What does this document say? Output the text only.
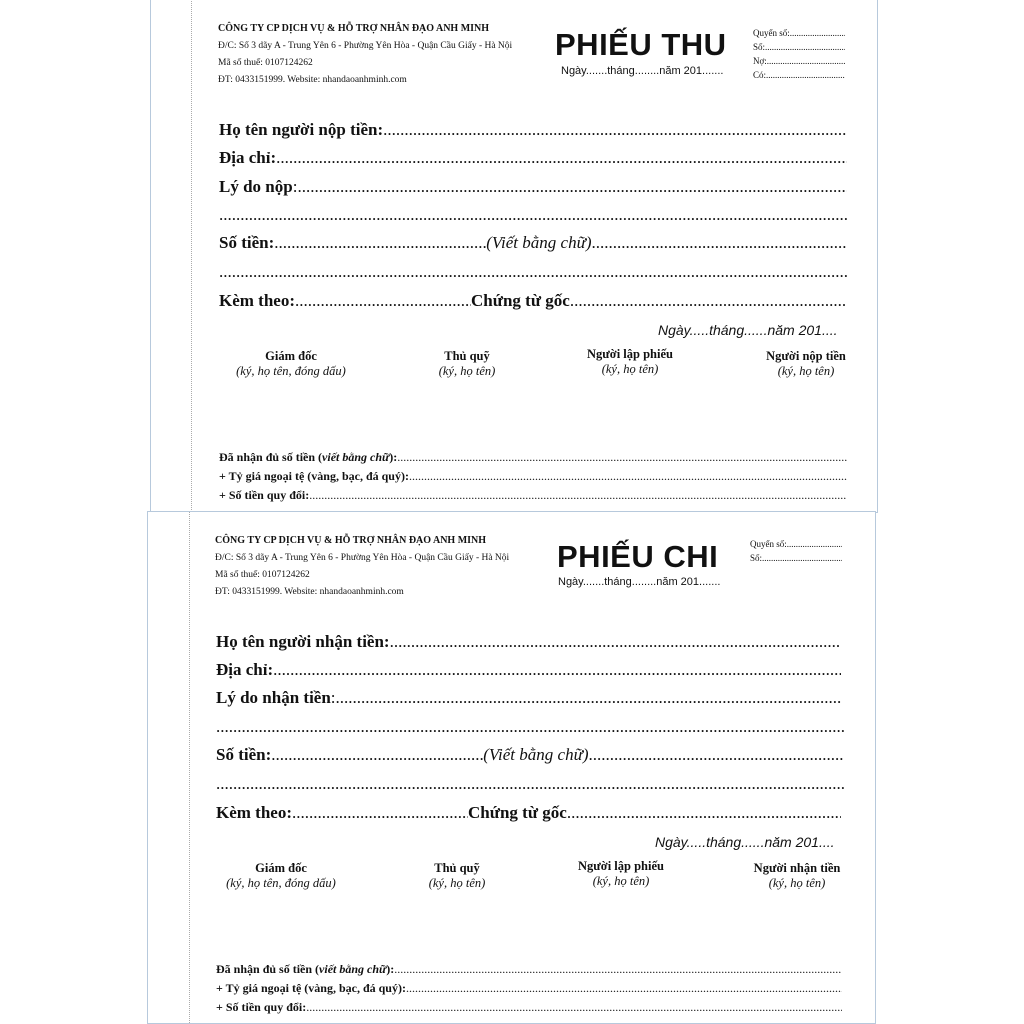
CÔNG TY CP DỊCH VỤ & HỖ TRỢ NHÂN ĐẠO ANH MINH
Đ/C: Số 3 dãy A - Trung Yên 6 - Phường Yên Hòa - Quận Cầu Giấy - Hà Nội
Mã số thuế: 0107124262
ĐT: 0433151999. Website: nhandaoanhminh.com
PHIẾU THU
Ngày.......tháng........năm 201.......
Quyển số:
.....
Số:
.....
Nợ:
.....
Có:
.....
Họ tên người nộp tiền:
.....
Địa chỉ:
.....
Lý do nộp :
.....
.....
Số tiền: .....	(Viết bằng chữ)
.....
.....
Kèm theo: .....	Chứng từ gốc
.....
Ngày.....tháng......năm 201....
Giám đốc
(ký, họ tên, đóng dấu)
Thủ quỹ
(ký, họ tên)
Người lập phiếu
(ký, họ tên)
Người nộp tiền
(ký, họ tên)
Đã nhận đủ số tiền ( viết bằng chữ ):
.....
+ Tỷ giá ngoại tệ (vàng, bạc, đá quý):
.....
+ Số tiền quy đổi:
.....
CÔNG TY CP DỊCH VỤ & HỖ TRỢ NHÂN ĐẠO ANH MINH
Đ/C: Số 3 dãy A - Trung Yên 6 - Phường Yên Hòa - Quận Cầu Giấy - Hà Nội
Mã số thuế: 0107124262
ĐT: 0433151999. Website: nhandaoanhminh.com
PHIẾU CHI
Ngày.......tháng........năm 201.......
Quyển số:
.....
Số:
.....
Họ tên người nhận tiền:
.....
Địa chỉ:
.....
Lý do nhận tiền :
.....
.....
Số tiền: .....	(Viết bằng chữ)
.....
.....
Kèm theo: .....	Chứng từ gốc
.....
Ngày.....tháng......năm 201....
Giám đốc
(ký, họ tên, đóng dấu)
Thủ quỹ
(ký, họ tên)
Người lập phiếu
(ký, họ tên)
Người nhận tiền
(ký, họ tên)
Đã nhận đủ số tiền ( viết bằng chữ ):
.....
+ Tỷ giá ngoại tệ (vàng, bạc, đá quý):
.....
+ Số tiền quy đổi:
.....
